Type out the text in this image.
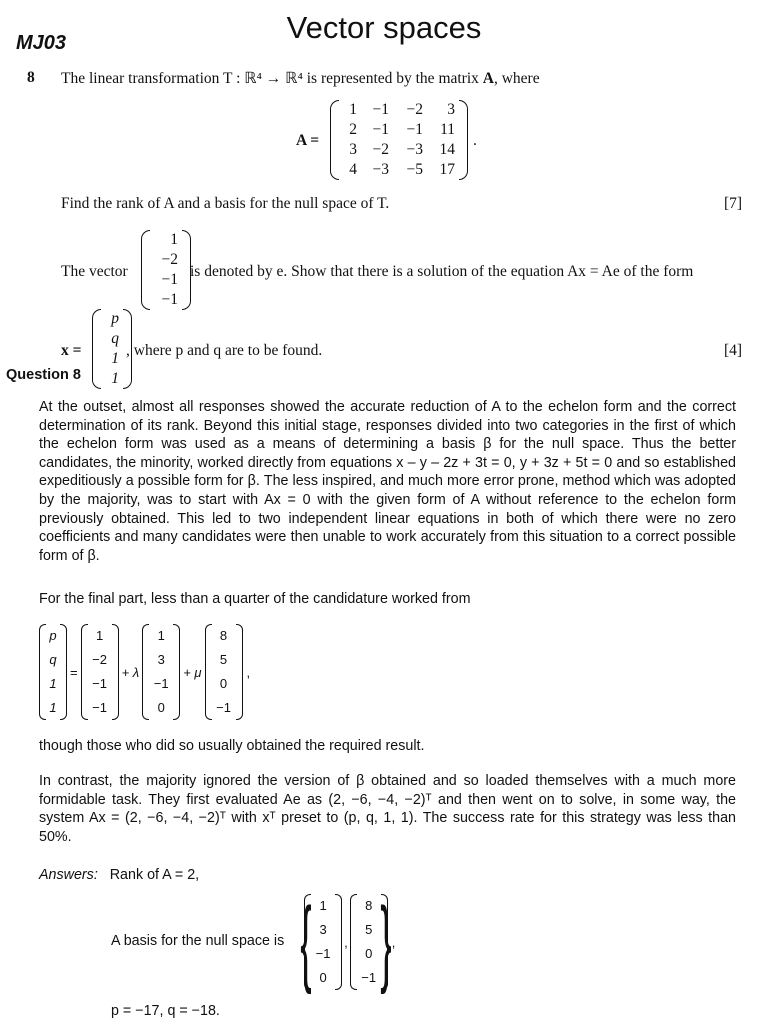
MJ03	Vector spaces
8 The linear transformation T : ℝ⁴ → ℝ⁴ is represented by the matrix A, where
A =
1	−1	−2	3
2	−1	−1	11
3	−2	−3	14
4	−3	−5	17
.
Find the rank of A and a basis for the null space of T.	[7]
The vector
1
−2
−1
−1
is denoted by e. Show that there is a solution of the equation Ax = Ae of the form
x =
p
q
1
1
, where p and q are to be found.	[4]
Question 8
At the outset, almost all responses showed the accurate reduction of A to the echelon form and the correct determination of its rank. Beyond this initial stage, responses divided into two categories in the first of which the echelon form was used as a means of determining a basis β for the null space. Thus the better candidates, the minority, worked directly from equations x – y – 2z + 3t = 0, y + 3z + 5t = 0 and so established expeditiously a possible form for β. The less inspired, and much more error prone, method which was adopted by the majority, was to start with Ax = 0 with the given form of A without reference to the echelon form previously obtained. This led to two independent linear equations in both of which there were no zero coefficients and many candidates were then unable to work accurately from this situation to a correct possible form of β.
For the final part, less than a quarter of the candidature worked from
p
q
1
1
=
1
−2
−1
−1
+ λ
1
3
−1
0
+ μ
8
5
0
−1
,
though those who did so usually obtained the required result.
In contrast, the majority ignored the version of β obtained and so loaded themselves with a much more formidable task. They first evaluated Ae as (2, −6, −4, −2)ᵀ and then went on to solve, in some way, the system Ax = (2, −6, −4, −2)ᵀ with xᵀ preset to (p, q, 1, 1). The success rate for this strategy was less than 50%.
Answers: Rank of A = 2,
A basis for the null space is { 1
3
−1
0
,
8
5
0
−1 } ,
p = −17, q = −18.
